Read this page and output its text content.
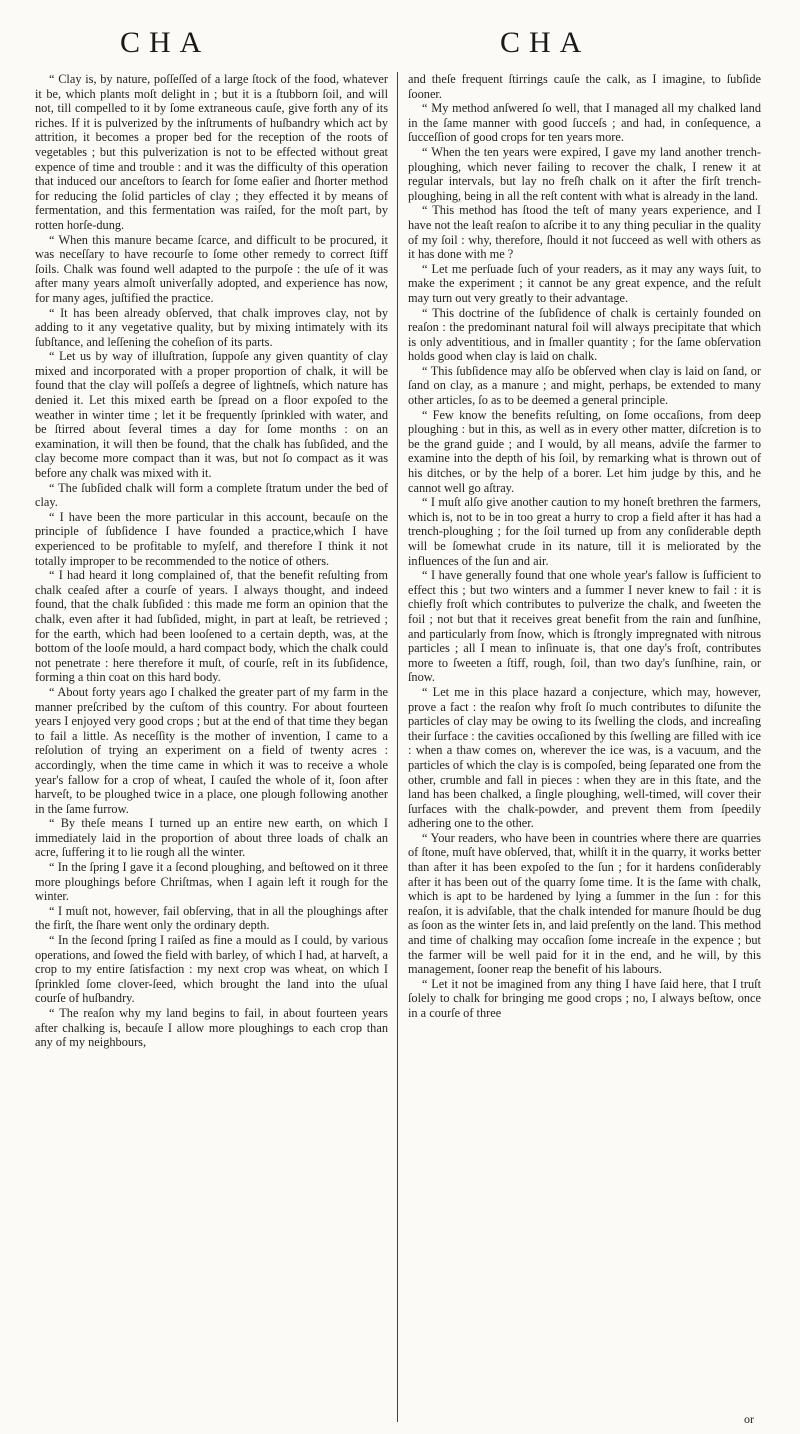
CHA	CHA

“ Clay is, by nature, poſſeſſed of a large ſtock of the food, whatever it be, which plants moſt delight in ; but it is a ſtubborn ſoil, and will not, till compelled to it by ſome extraneous cauſe, give forth any of its riches. If it is pulverized by the inſtruments of huſbandry which act by attrition, it becomes a proper bed for the reception of the roots of vegetables ; but this pulverization is not to be effected without great expence of time and trouble : and it was the difficulty of this operation that induced our anceſtors to ſearch for ſome eaſier and ſhorter method for reducing the ſolid particles of clay ; they effected it by means of fermentation, and this fermentation was raiſed, for the moſt part, by rotten horſe-dung.

“ When this manure became ſcarce, and difficult to be procured, it was neceſſary to have recourſe to ſome other remedy to correct ſtiff ſoils. Chalk was found well adapted to the purpoſe : the uſe of it was after many years almoſt univerſally adopted, and experience has now, for many ages, juſtified the practice.

“ It has been already obſerved, that chalk improves clay, not by adding to it any vegetative quality, but by mixing intimately with its ſubſtance, and leſſening the coheſion of its parts.

“ Let us by way of illuſtration, ſuppoſe any given quantity of clay mixed and incorporated with a proper proportion of chalk, it will be found that the clay will poſſeſs a degree of lightneſs, which nature has denied it. Let this mixed earth be ſpread on a floor expoſed to the weather in winter time ; let it be frequently ſprinkled with water, and be ſtirred about ſeveral times a day for ſome months : on an examination, it will then be found, that the chalk has ſubſided, and the clay become more compact than it was, but not ſo compact as it was before any chalk was mixed with it.

“ The ſubſided chalk will form a complete ſtratum under the bed of clay.

“ I have been the more particular in this account, becauſe on the principle of ſubſidence I have founded a practice,which I have experienced to be profitable to myſelf, and therefore I think it not totally improper to be recommended to the notice of others.

“ I had heard it long complained of, that the benefit reſulting from chalk ceaſed after a courſe of years. I always thought, and indeed found, that the chalk ſubſided : this made me form an opinion that the chalk, even after it had ſubſided, might, in part at leaſt, be retrieved ; for the earth, which had been looſened to a certain depth, was, at the bottom of the looſe mould, a hard compact body, which the chalk could not penetrate : here therefore it muſt, of courſe, reſt in its ſubſidence, forming a thin coat on this hard body.

“ About forty years ago I chalked the greater part of my farm in the manner preſcribed by the cuſtom of this country. For about fourteen years I enjoyed very good crops ; but at the end of that time they began to fail a little. As neceſſity is the mother of invention, I came to a reſolution of trying an experiment on a field of twenty acres : accordingly, when the time came in which it was to receive a whole year's fallow for a crop of wheat, I cauſed the whole of it, ſoon after harveſt, to be ploughed twice in a place, one plough following another in the ſame furrow.

“ By theſe means I turned up an entire new earth, on which I immediately laid in the proportion of about three loads of chalk an acre, ſuffering it to lie rough all the winter.

“ In the ſpring I gave it a ſecond ploughing, and beſtowed on it three more ploughings before Chriſtmas, when I again left it rough for the winter.

“ I muſt not, however, fail obſerving, that in all the ploughings after the firſt, the ſhare went only the ordinary depth.

“ In the ſecond ſpring I raiſed as fine a mould as I could, by various operations, and ſowed the field with barley, of which I had, at harveſt, a crop to my entire ſatisfaction : my next crop was wheat, on which I ſprinkled ſome clover-ſeed, which brought the land into the uſual courſe of huſbandry.

“ The reaſon why my land begins to fail, in about fourteen years after chalking is, becauſe I allow more ploughings to each crop than any of my neighbours,

and theſe frequent ſtirrings cauſe the calk, as I imagine, to ſubſide ſooner.

“ My method anſwered ſo well, that I managed all my chalked land in the ſame manner with good ſucceſs ; and had, in conſequence, a ſucceſſion of good crops for ten years more.

“ When the ten years were expired, I gave my land another trench-ploughing, which never failing to recover the chalk, I renew it at regular intervals, but lay no freſh chalk on it after the firſt trench-ploughing, being in all the reſt content with what is already in the land.

“ This method has ſtood the teſt of many years experience, and I have not the leaſt reaſon to aſcribe it to any thing peculiar in the quality of my ſoil : why, therefore, ſhould it not ſucceed as well with others as it has done with me ?

“ Let me perſuade ſuch of your readers, as it may any ways ſuit, to make the experiment ; it cannot be any great expence, and the reſult may turn out very greatly to their advantage.

“ This doctrine of the ſubſidence of chalk is certainly founded on reaſon : the predominant natural foil will always precipitate that which is only adventitious, and in ſmaller quantity ; for the ſame obſervation holds good when clay is laid on chalk.

“ This ſubſidence may alſo be obſerved when clay is laid on ſand, or ſand on clay, as a manure ; and might, perhaps, be extended to many other articles, ſo as to be deemed a general principle.

“ Few know the benefits reſulting, on ſome occaſions, from deep ploughing : but in this, as well as in every other matter, diſcretion is to be the grand guide ; and I would, by all means, adviſe the farmer to examine into the depth of his ſoil, by remarking what is thrown out of his ditches, or by the help of a borer. Let him judge by this, and he cannot well go aſtray.

“ I muſt alſo give another caution to my honeſt brethren the farmers, which is, not to be in too great a hurry to crop a field after it has had a trench-ploughing ; for the ſoil turned up from any conſiderable depth will be ſomewhat crude in its nature, till it is meliorated by the influences of the ſun and air.

“ I have generally found that one whole year's fallow is ſufficient to effect this ; but two winters and a ſummer I never knew to fail : it is chiefly froſt which contributes to pulverize the chalk, and ſweeten the foil ; not but that it receives great benefit from the rain and ſunſhine, and particularly from ſnow, which is ſtrongly impregnated with nitrous particles ; all I mean to inſinuate is, that one day's froſt, contributes more to ſweeten a ſtiff, rough, ſoil, than two day's ſunſhine, rain, or ſnow.

“ Let me in this place hazard a conjecture, which may, however, prove a fact : the reaſon why froſt ſo much contributes to diſunite the particles of clay may be owing to its ſwelling the clods, and increaſing their ſurface : the cavities occaſioned by this ſwelling are filled with ice : when a thaw comes on, wherever the ice was, is a vacuum, and the particles of which the clay is is compoſed, being ſeparated one from the other, crumble and fall in pieces : when they are in this ſtate, and the land has been chalked, a ſingle ploughing, well-timed, will cover their ſurfaces with the chalk-powder, and prevent them from ſpeedily adhering one to the other.

“ Your readers, who have been in countries where there are quarries of ſtone, muſt have obſerved, that, whilſt it in the quarry, it works better than after it has been expoſed to the ſun ; for it hardens conſiderably after it has been out of the quarry ſome time. It is the ſame with chalk, which is apt to be hardened by lying a ſummer in the ſun : for this reaſon, it is adviſable, that the chalk intended for manure ſhould be dug as ſoon as the winter ſets in, and laid preſently on the land. This method and time of chalking may occaſion ſome increaſe in the expence ; but the farmer will be well paid for it in the end, and he will, by this management, ſooner reap the benefit of his labours.

“ Let it not be imagined from any thing I have ſaid here, that I truſt ſolely to chalk for bringing me good crops ; no, I always beſtow, once in a courſe of three

or
